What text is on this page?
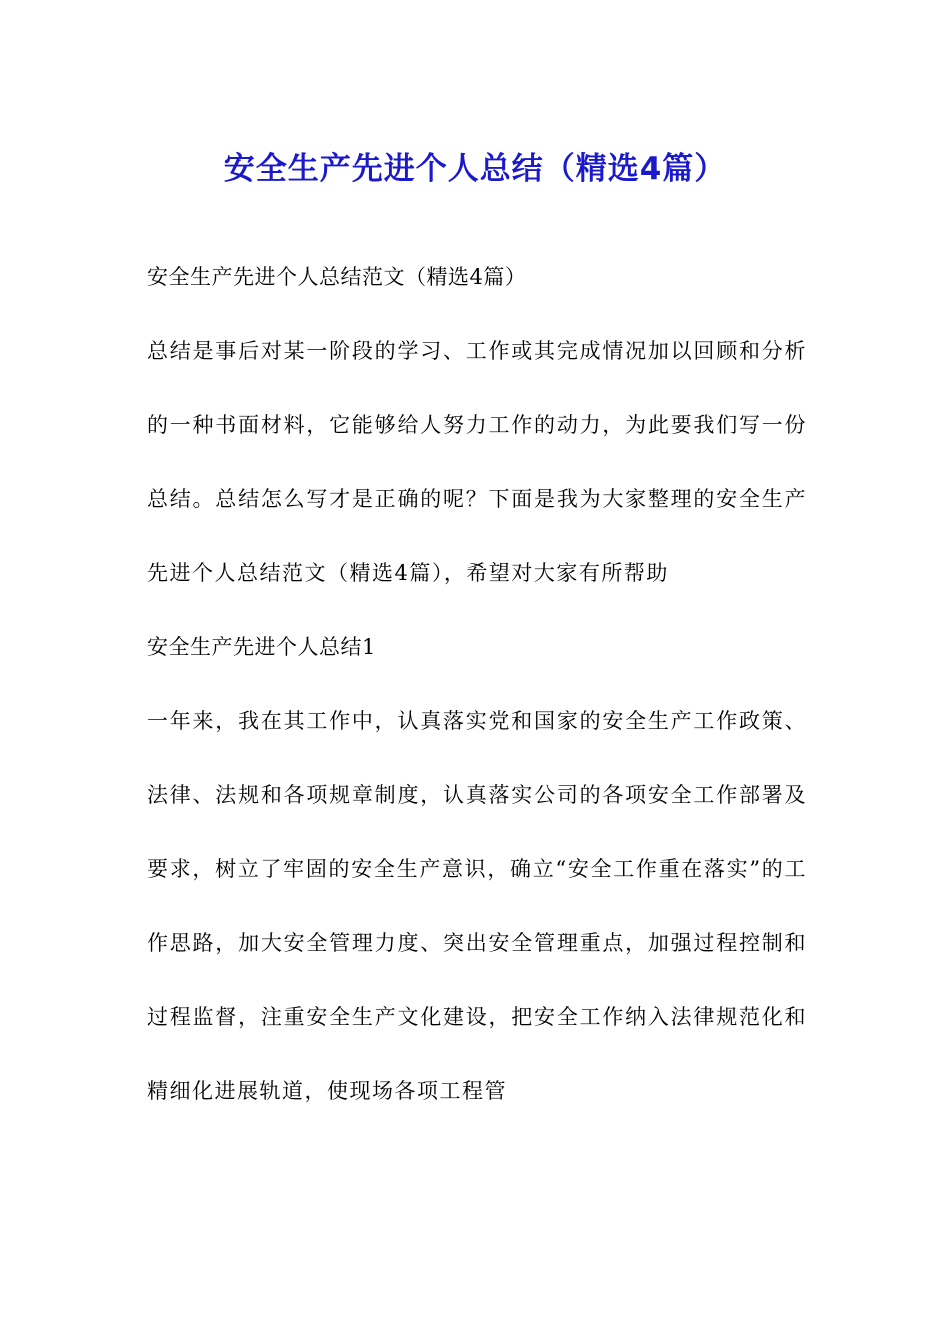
安全生产先进个人总结（精选4篇）

安全生产先进个人总结范文（精选4篇）

总结是事后对某一阶段的学习、工作或其完成情况加以回顾和分析的一种书面材料，它能够给人努力工作的动力，为此要我们写一份总结。总结怎么写才是正确的呢？下面是我为大家整理的安全生产先进个人总结范文（精选4篇），希望对大家有所帮助

安全生产先进个人总结1

一年来，我在其工作中，认真落实党和国家的安全生产工作政策、法律、法规和各项规章制度，认真落实公司的各项安全工作部署及要求，树立了牢固的安全生产意识，确立“安全工作重在落实”的工作思路，加大安全管理力度、突出安全管理重点，加强过程控制和过程监督，注重安全生产文化建设，把安全工作纳入法律规范化和精细化进展轨道，使现场各项工程管
